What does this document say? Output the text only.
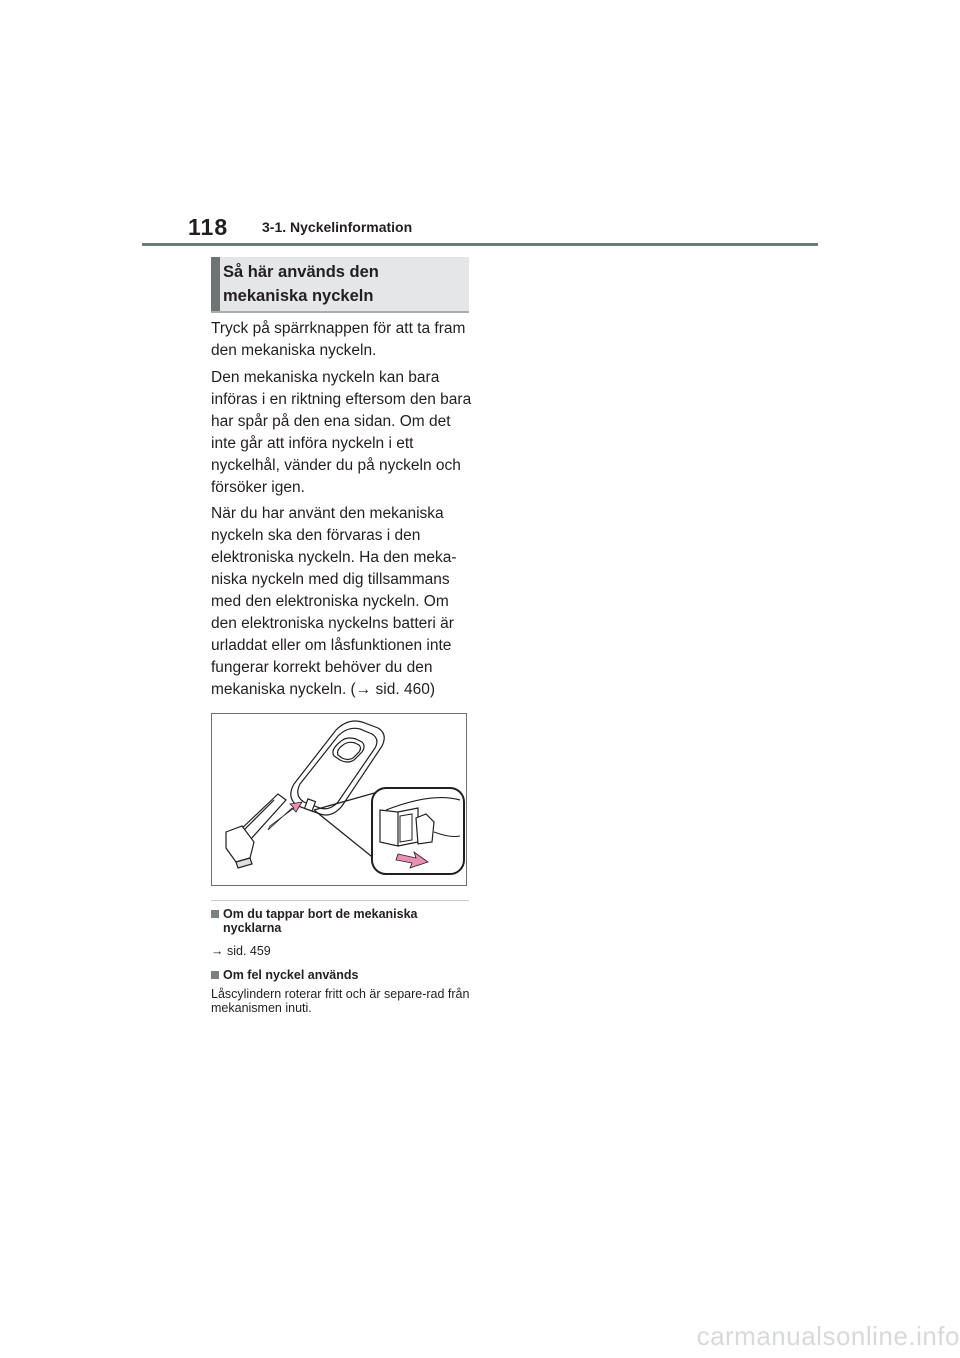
118 3-1. Nyckelinformation
Så här används den mekaniska nyckeln

Tryck på spärrknappen för att ta fram den mekaniska nyckeln.

Den mekaniska nyckeln kan bara införas i en riktning eftersom den bara har spår på den ena sidan. Om det inte går att införa nyckeln i ett nyckelhål, vänder du på nyckeln och försöker igen.

När du har använt den mekaniska nyckeln ska den förvaras i den elektroniska nyckeln. Ha den meka-niska nyckeln med dig tillsammans med den elektroniska nyckeln. Om den elektroniska nyckelns batteri är urladdat eller om låsfunktionen inte fungerar korrekt behöver du den mekaniska nyckeln. (→ sid. 460)

Om du tappar bort de mekaniska nycklarna
→ sid. 459
Om fel nyckel används
Låscylindern roterar fritt och är separe-rad från mekanismen inuti.
carmanualsonline.info
